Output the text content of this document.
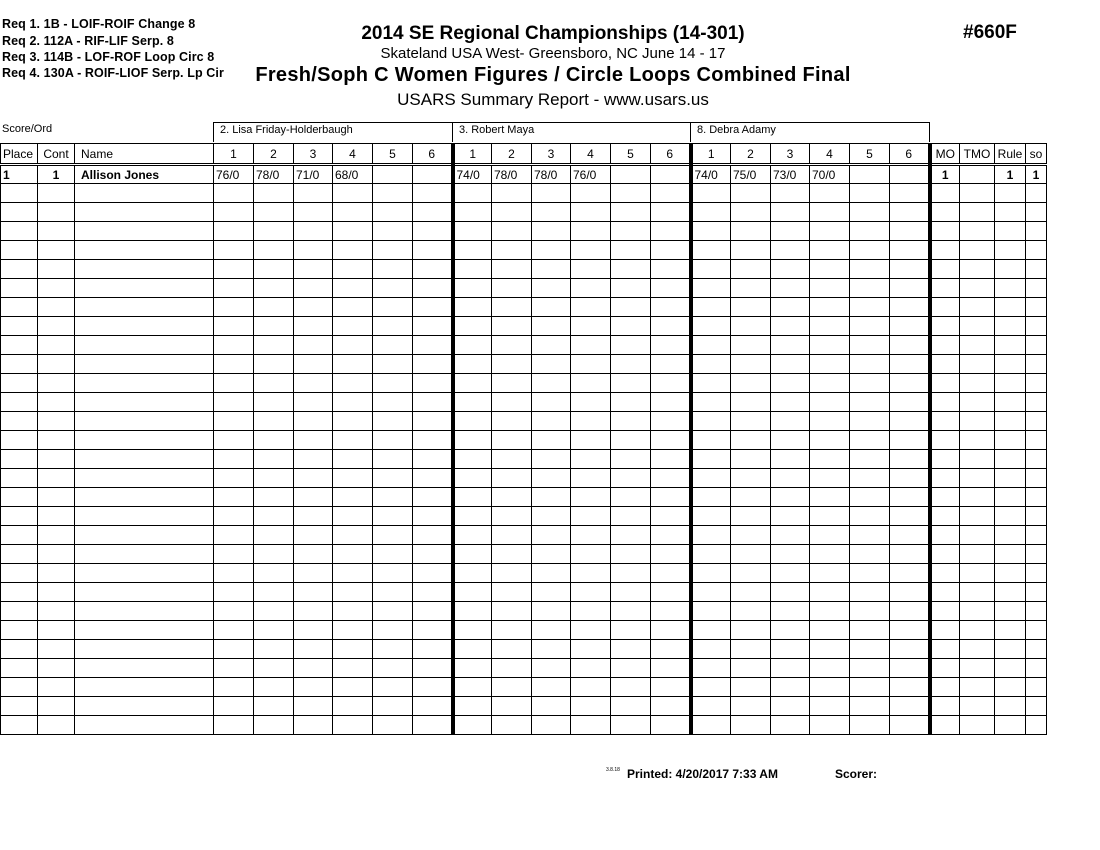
Req 1. 1B - LOIF-ROIF Change 8
Req 2. 112A - RIF-LIF Serp. 8
Req 3. 114B - LOF-ROF Loop Circ 8
Req 4. 130A - ROIF-LIOF Serp. Lp Cir
2014 SE Regional Championships (14-301)
Skateland USA West- Greensboro, NC June 14 - 17
Fresh/Soph C Women Figures / Circle Loops Combined Final
USARS Summary Report - www.usars.us
#660F
Score/Ord	2. Lisa Friday-Holderbaugh	3. Robert Maya	8. Debra Adamy
Place	Cont	Name	1	2	3	4	5	6	1	2	3	4	5	6	1	2	3	4	5	6	MO	TMO	Rule	so
1	1	Allison Jones	76/0	78/0	71/0	68/0			74/0	78/0	78/0	76/0			74/0	75/0	73/0	70/0			1		1	1

3.8.18 Printed: 4/20/2017 7:33 AM	Scorer:
